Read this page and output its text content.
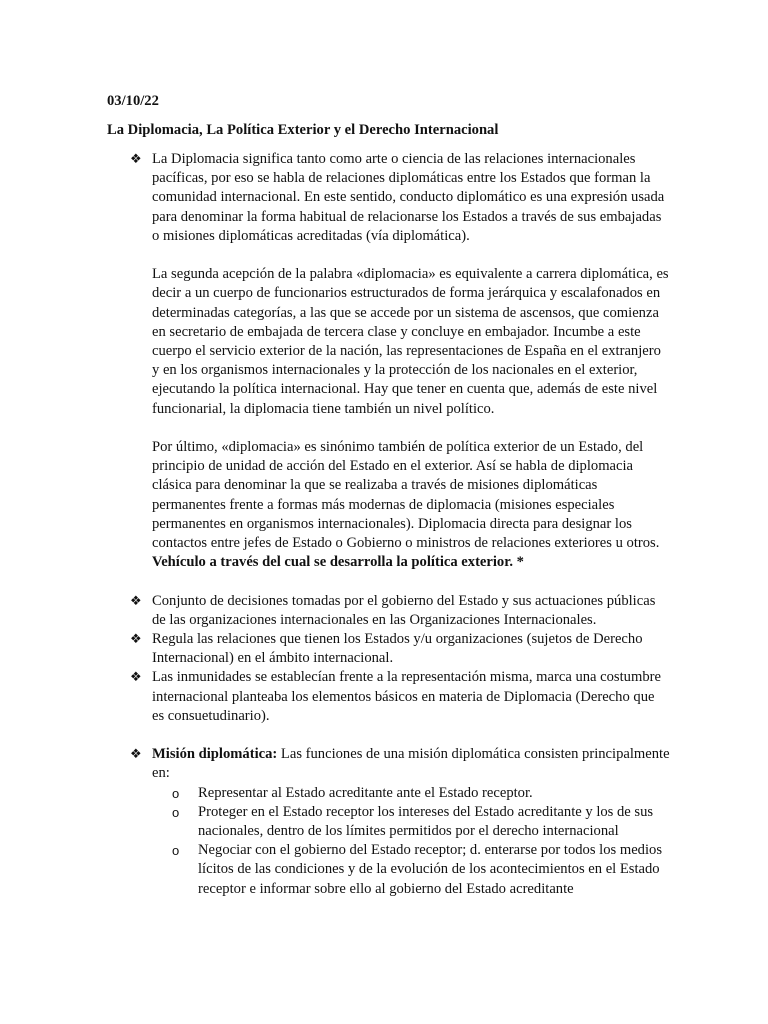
03/10/22

La Diplomacia, La Política Exterior y el Derecho Internacional

❖ La Diplomacia significa tanto como arte o ciencia de las relaciones internacionales pacíficas, por eso se habla de relaciones diplomáticas entre los Estados que forman la comunidad internacional. En este sentido, conducto diplomático es una expresión usada para denominar la forma habitual de relacionarse los Estados a través de sus embajadas o misiones diplomáticas acreditadas (vía diplomática).

La segunda acepción de la palabra «diplomacia» es equivalente a carrera diplomática, es decir a un cuerpo de funcionarios estructurados de forma jerárquica y escalafonados en determinadas categorías, a las que se accede por un sistema de ascensos, que comienza en secretario de embajada de tercera clase y concluye en embajador. Incumbe a este cuerpo el servicio exterior de la nación, las representaciones de España en el extranjero y en los organismos internacionales y la protección de los nacionales en el exterior, ejecutando la política internacional. Hay que tener en cuenta que, además de este nivel funcionarial, la diplomacia tiene también un nivel político.

Por último, «diplomacia» es sinónimo también de política exterior de un Estado, del principio de unidad de acción del Estado en el exterior. Así se habla de diplomacia clásica para denominar la que se realizaba a través de misiones diplomáticas permanentes frente a formas más modernas de diplomacia (misiones especiales permanentes en organismos internacionales). Diplomacia directa para designar los contactos entre jefes de Estado o Gobierno o ministros de relaciones exteriores u otros. Vehículo a través del cual se desarrolla la política exterior. *

❖ Conjunto de decisiones tomadas por el gobierno del Estado y sus actuaciones públicas de las organizaciones internacionales en las Organizaciones Internacionales.

❖ Regula las relaciones que tienen los Estados y/u organizaciones (sujetos de Derecho Internacional) en el ámbito internacional.

❖ Las inmunidades se establecían frente a la representación misma, marca una costumbre internacional planteaba los elementos básicos en materia de Diplomacia (Derecho que es consuetudinario).

❖ Misión diplomática: Las funciones de una misión diplomática consisten principalmente en:

o Representar al Estado acreditante ante el Estado receptor.
o Proteger en el Estado receptor los intereses del Estado acreditante y los de sus nacionales, dentro de los límites permitidos por el derecho internacional
o Negociar con el gobierno del Estado receptor; d. enterarse por todos los medios lícitos de las condiciones y de la evolución de los acontecimientos en el Estado receptor e informar sobre ello al gobierno del Estado acreditante
